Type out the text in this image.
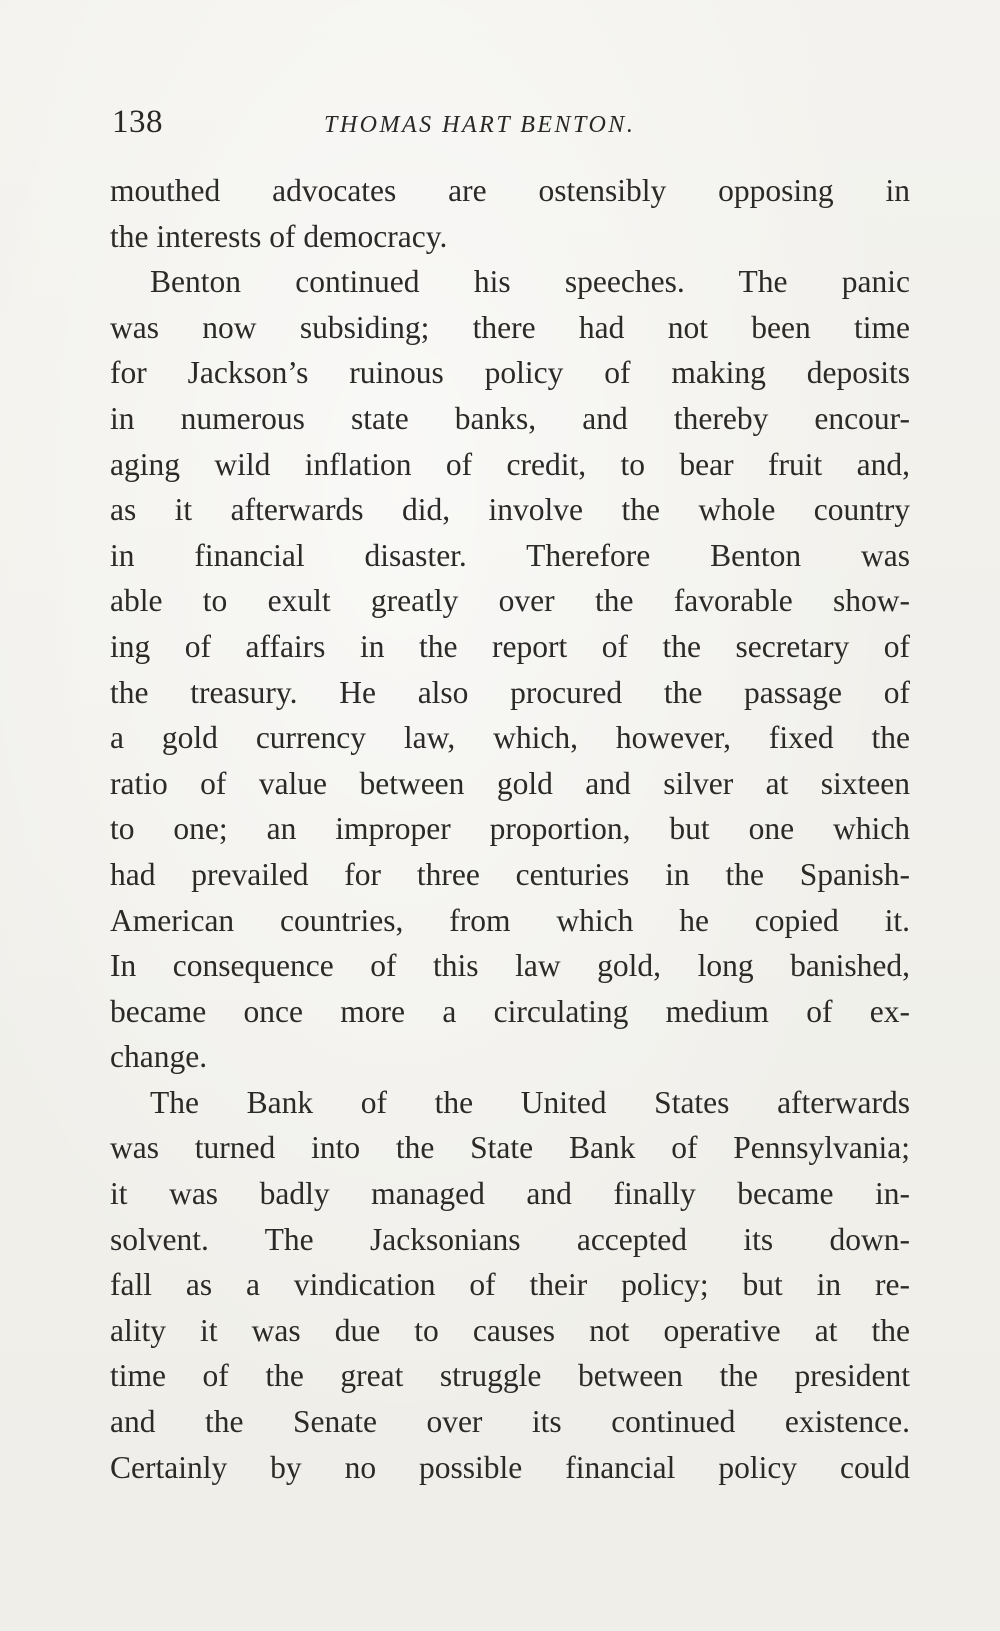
138	THOMAS HART BENTON.
mouthed advocates are ostensibly opposing in
the interests of democracy.
Benton continued his speeches. The panic
was now subsiding; there had not been time
for Jackson’s ruinous policy of making deposits
in numerous state banks, and thereby encour-
aging wild inflation of credit, to bear fruit and,
as it afterwards did, involve the whole country
in financial disaster. Therefore Benton was
able to exult greatly over the favorable show-
ing of affairs in the report of the secretary of
the treasury. He also procured the passage of
a gold currency law, which, however, fixed the
ratio of value between gold and silver at sixteen
to one; an improper proportion, but one which
had prevailed for three centuries in the Spanish-
American countries, from which he copied it.
In consequence of this law gold, long banished,
became once more a circulating medium of ex-
change.
The Bank of the United States afterwards
was turned into the State Bank of Pennsylvania;
it was badly managed and finally became in-
solvent. The Jacksonians accepted its down-
fall as a vindication of their policy; but in re-
ality it was due to causes not operative at the
time of the great struggle between the president
and the Senate over its continued existence.
Certainly by no possible financial policy could
